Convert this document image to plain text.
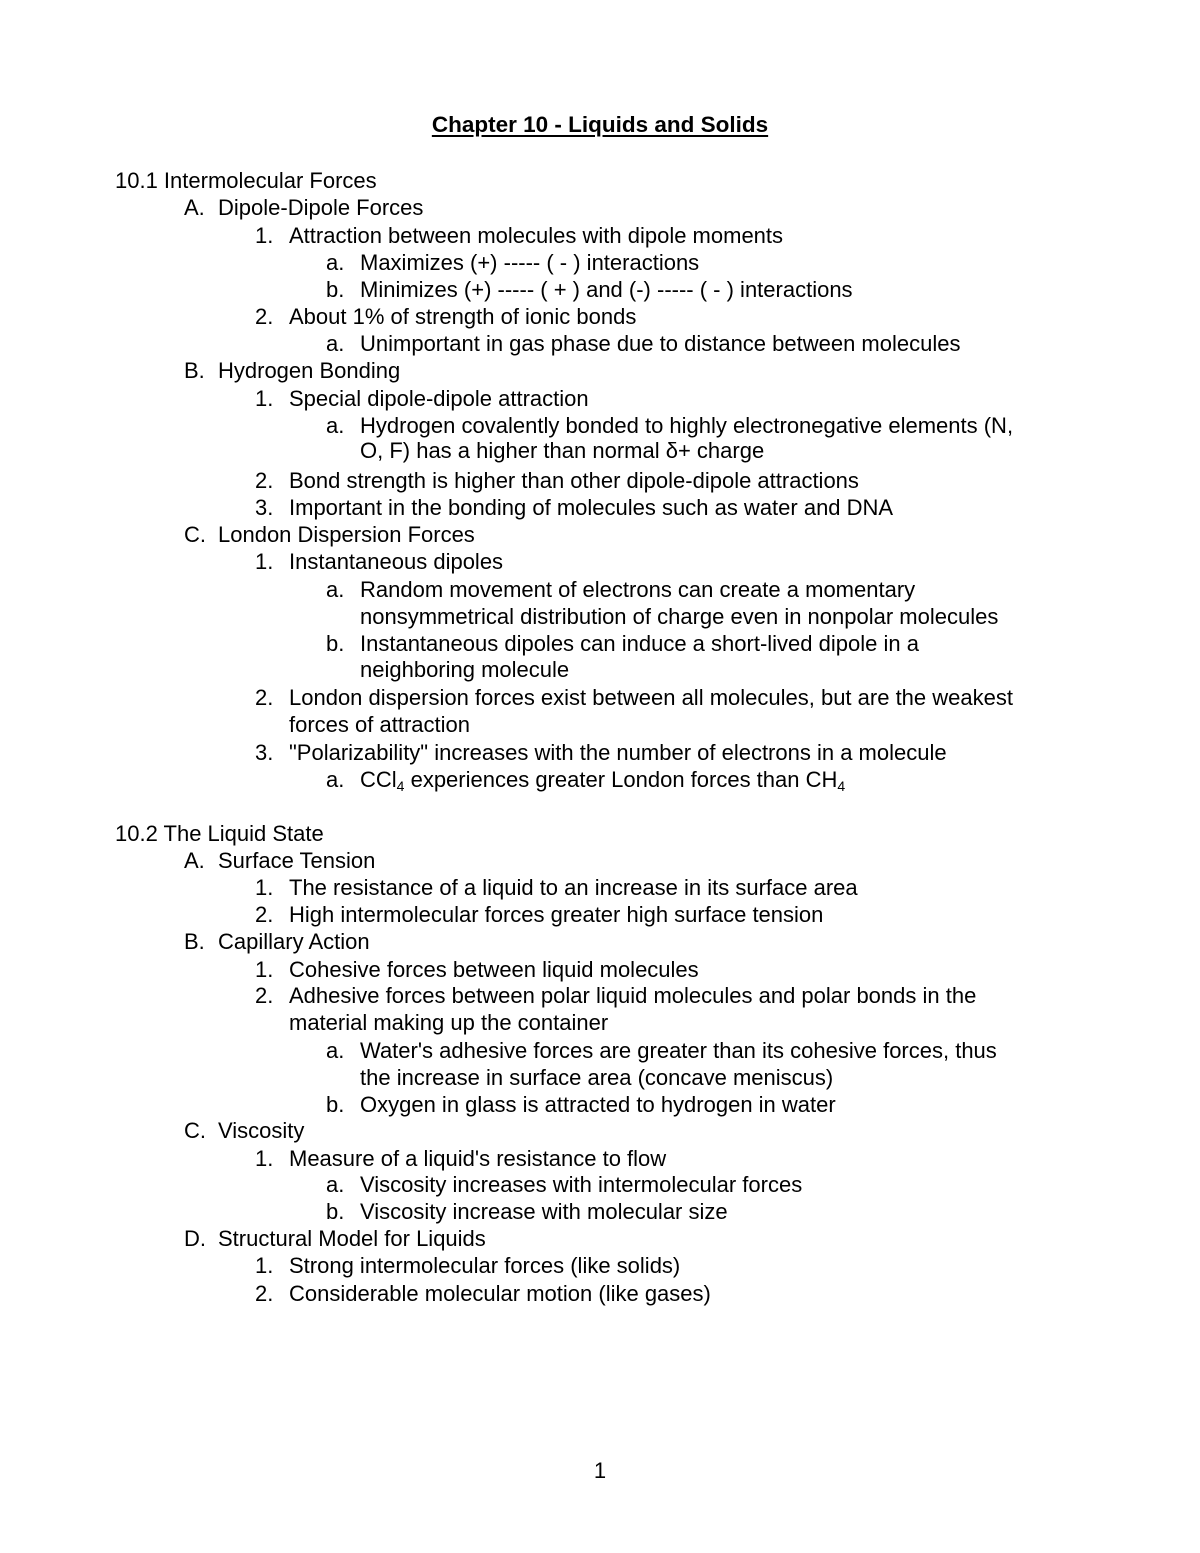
Chapter 10 - Liquids and Solids
10.1 Intermolecular Forces
A. Dipole-Dipole Forces
1. Attraction between molecules with dipole moments
a. Maximizes (+) ----- ( - ) interactions
b. Minimizes (+) ----- ( + ) and (-) ----- ( - ) interactions
2. About 1% of strength of ionic bonds
a. Unimportant in gas phase due to distance between molecules
B. Hydrogen Bonding
1. Special dipole-dipole attraction
a. Hydrogen covalently bonded to highly electronegative elements (N,
O, F) has a higher than normal δ+ charge
2. Bond strength is higher than other dipole-dipole attractions
3. Important in the bonding of molecules such as water and DNA
C. London Dispersion Forces
1. Instantaneous dipoles
a. Random movement of electrons can create a momentary
nonsymmetrical distribution of charge even in nonpolar molecules
b. Instantaneous dipoles can induce a short-lived dipole in a
neighboring molecule
2. London dispersion forces exist between all molecules, but are the weakest
forces of attraction
3. "Polarizability" increases with the number of electrons in a molecule
a. CCl$_4$ experiences greater London forces than $CH_4$
10.2 The Liquid State
A. Surface Tension
1. The resistance of a liquid to an increase in its surface area
2. High intermolecular forces greater high surface tension
B. Capillary Action
1. Cohesive forces between liquid molecules
2. Adhesive forces between polar liquid molecules and polar bonds in the
material making up the container
a. Water's adhesive forces are greater than its cohesive forces, thus
the increase in surface area (concave meniscus)
b. Oxygen in glass is attracted to hydrogen in water
C. Viscosity
1. Measure of a liquid's resistance to flow
a. Viscosity increases with intermolecular forces
b. Viscosity increase with molecular size
D. Structural Model for Liquids
1. Strong intermolecular forces (like solids)
2. Considerable molecular motion (like gases)
1
